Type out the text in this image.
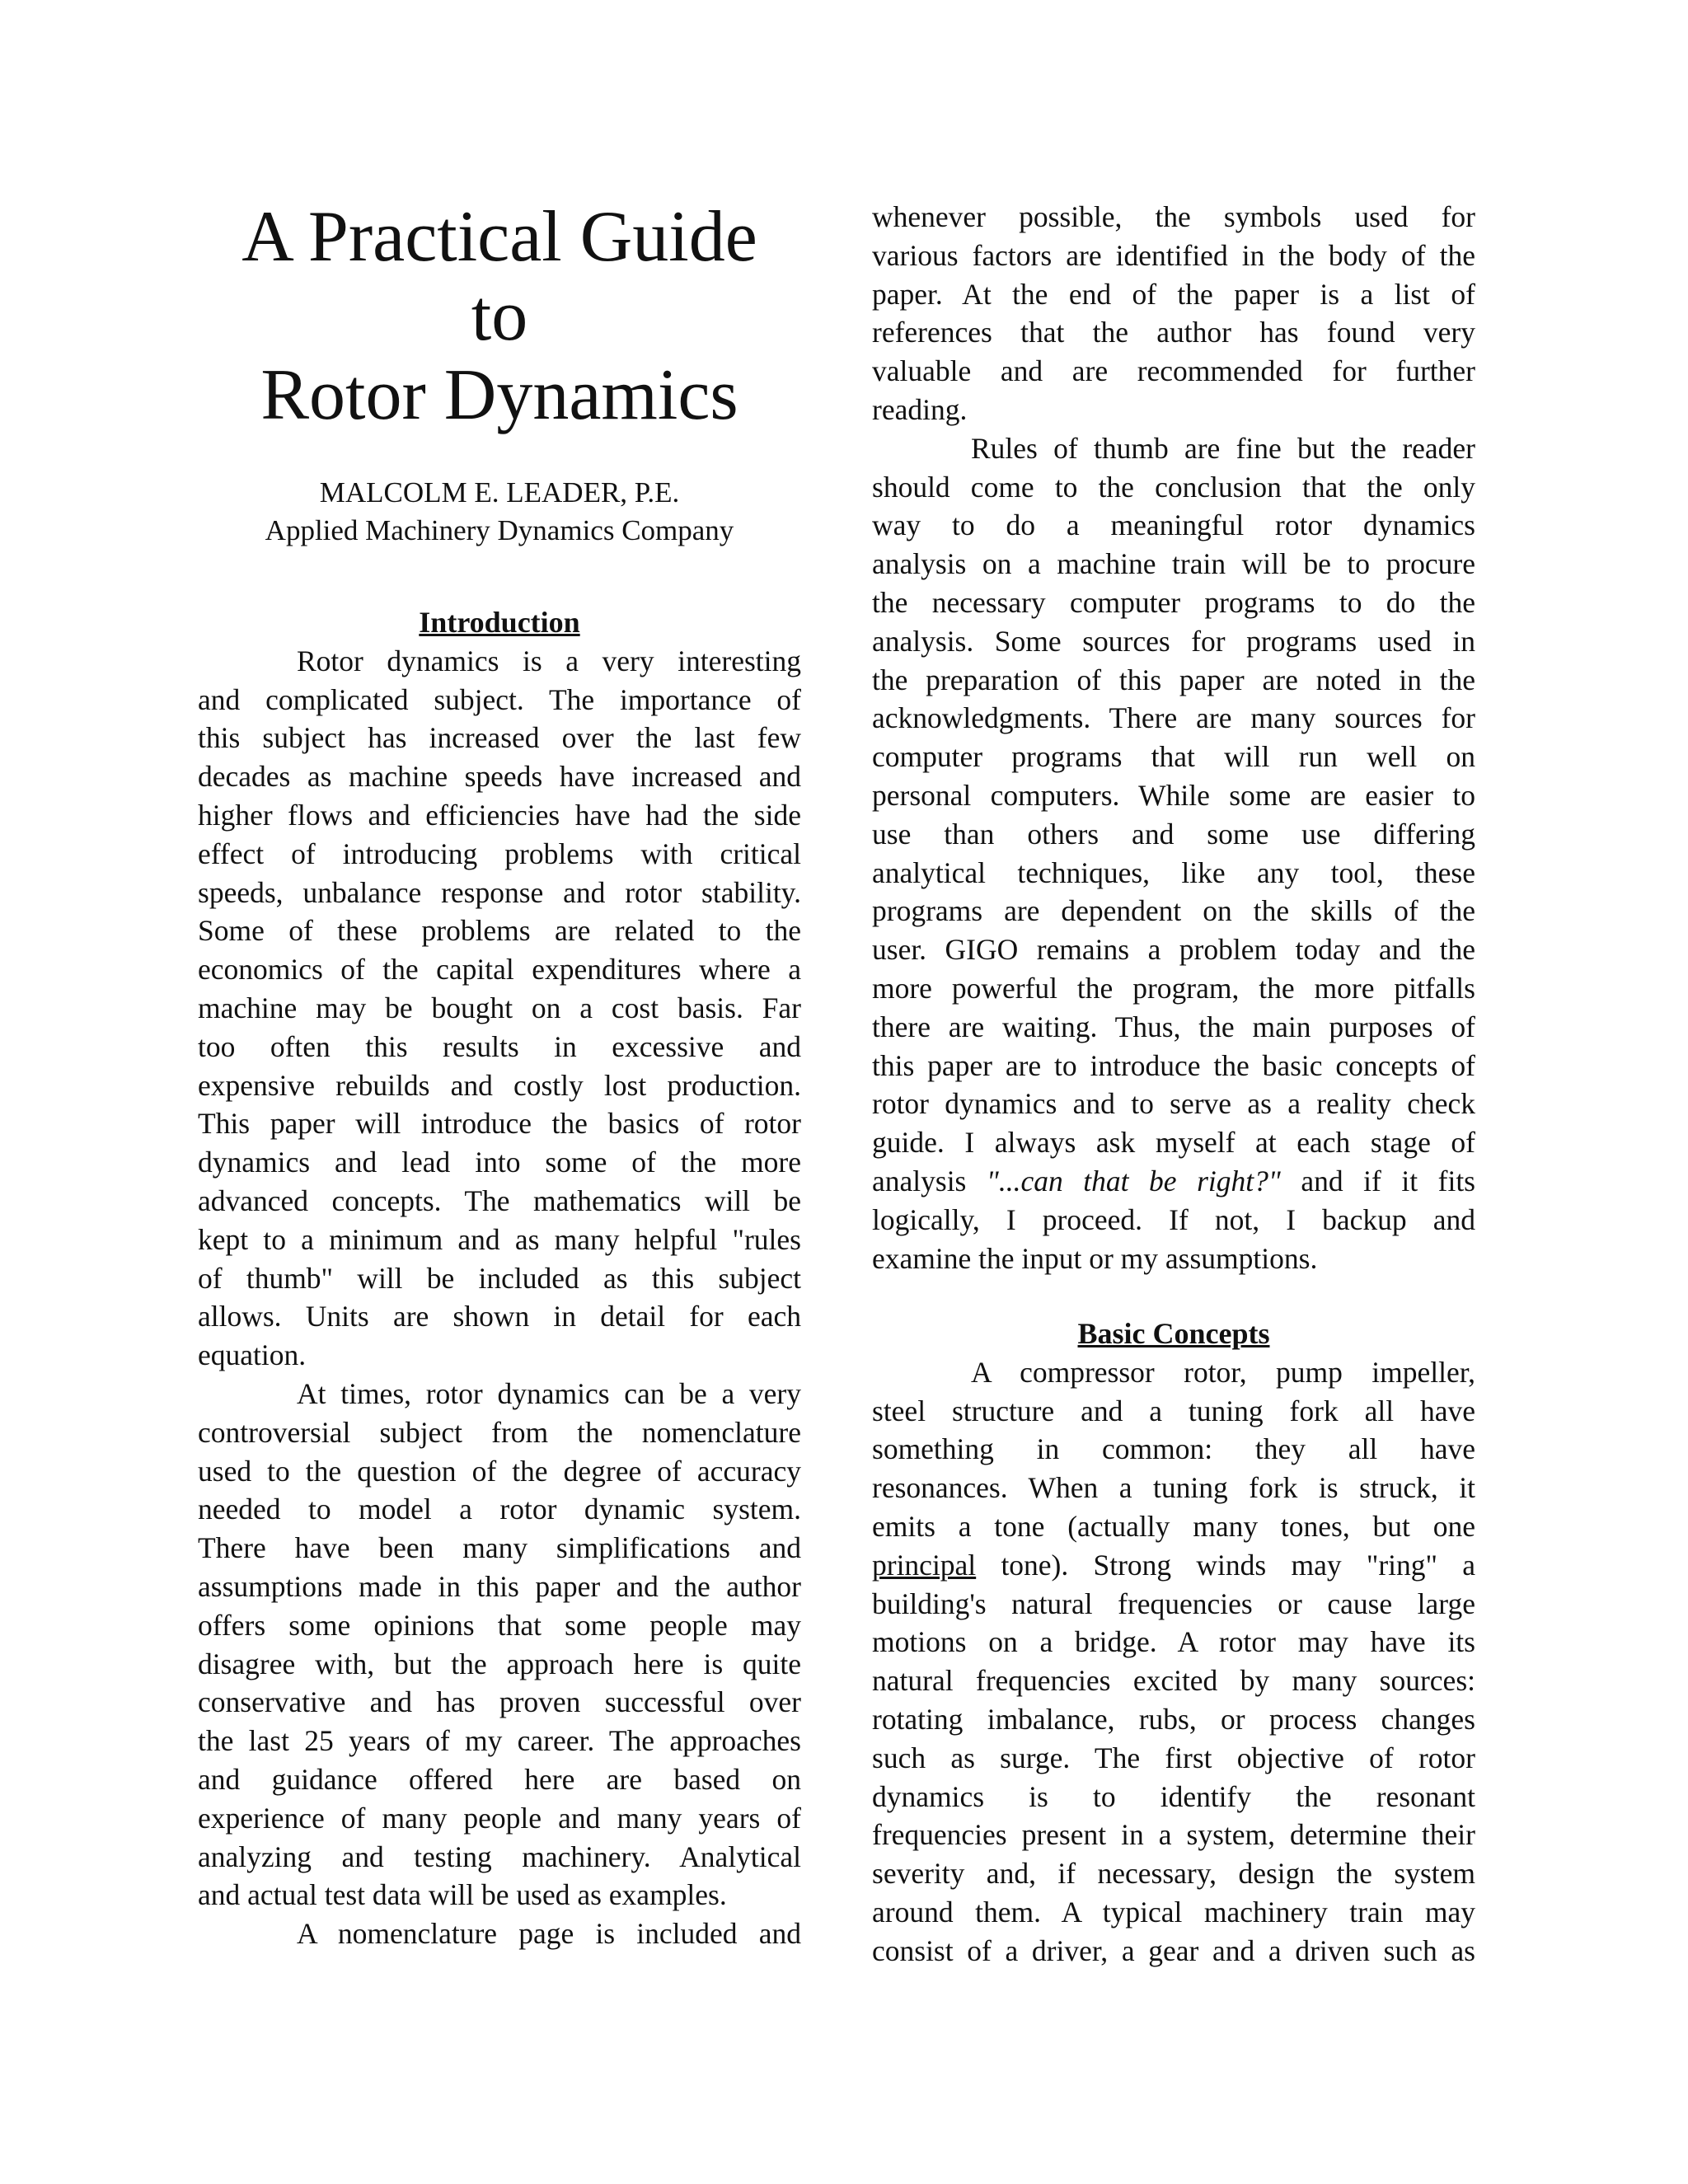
A Practical Guide
to
Rotor Dynamics
MALCOLM E. LEADER, P.E.
Applied Machinery Dynamics Company
Introduction
Rotor dynamics is a very interesting
and complicated subject. The importance of
this subject has increased over the last few
decades as machine speeds have increased and
higher flows and efficiencies have had the side
effect of introducing problems with critical
speeds, unbalance response and rotor stability.
Some of these problems are related to the
economics of the capital expenditures where a
machine may be bought on a cost basis. Far
too often this results in excessive and
expensive rebuilds and costly lost production.
This paper will introduce the basics of rotor
dynamics and lead into some of the more
advanced concepts. The mathematics will be
kept to a minimum and as many helpful "rules
of thumb" will be included as this subject
allows. Units are shown in detail for each
equation.
At times, rotor dynamics can be a very
controversial subject from the nomenclature
used to the question of the degree of accuracy
needed to model a rotor dynamic system.
There have been many simplifications and
assumptions made in this paper and the author
offers some opinions that some people may
disagree with, but the approach here is quite
conservative and has proven successful over
the last 25 years of my career. The approaches
and guidance offered here are based on
experience of many people and many years of
analyzing and testing machinery. Analytical
and actual test data will be used as examples.
A nomenclature page is included and
whenever possible, the symbols used for
various factors are identified in the body of the
paper. At the end of the paper is a list of
references that the author has found very
valuable and are recommended for further
reading.
Rules of thumb are fine but the reader
should come to the conclusion that the only
way to do a meaningful rotor dynamics
analysis on a machine train will be to procure
the necessary computer programs to do the
analysis. Some sources for programs used in
the preparation of this paper are noted in the
acknowledgments. There are many sources for
computer programs that will run well on
personal computers. While some are easier to
use than others and some use differing
analytical techniques, like any tool, these
programs are dependent on the skills of the
user. GIGO remains a problem today and the
more powerful the program, the more pitfalls
there are waiting. Thus, the main purposes of
this paper are to introduce the basic concepts of
rotor dynamics and to serve as a reality check
guide. I always ask myself at each stage of
analysis "...can that be right?" and if it fits
logically, I proceed. If not, I backup and
examine the input or my assumptions.
Basic Concepts
A compressor rotor, pump impeller,
steel structure and a tuning fork all have
something in common: they all have
resonances. When a tuning fork is struck, it
emits a tone (actually many tones, but one
principal tone). Strong winds may "ring" a
building's natural frequencies or cause large
motions on a bridge. A rotor may have its
natural frequencies excited by many sources:
rotating imbalance, rubs, or process changes
such as surge. The first objective of rotor
dynamics is to identify the resonant
frequencies present in a system, determine their
severity and, if necessary, design the system
around them. A typical machinery train may
consist of a driver, a gear and a driven such as
